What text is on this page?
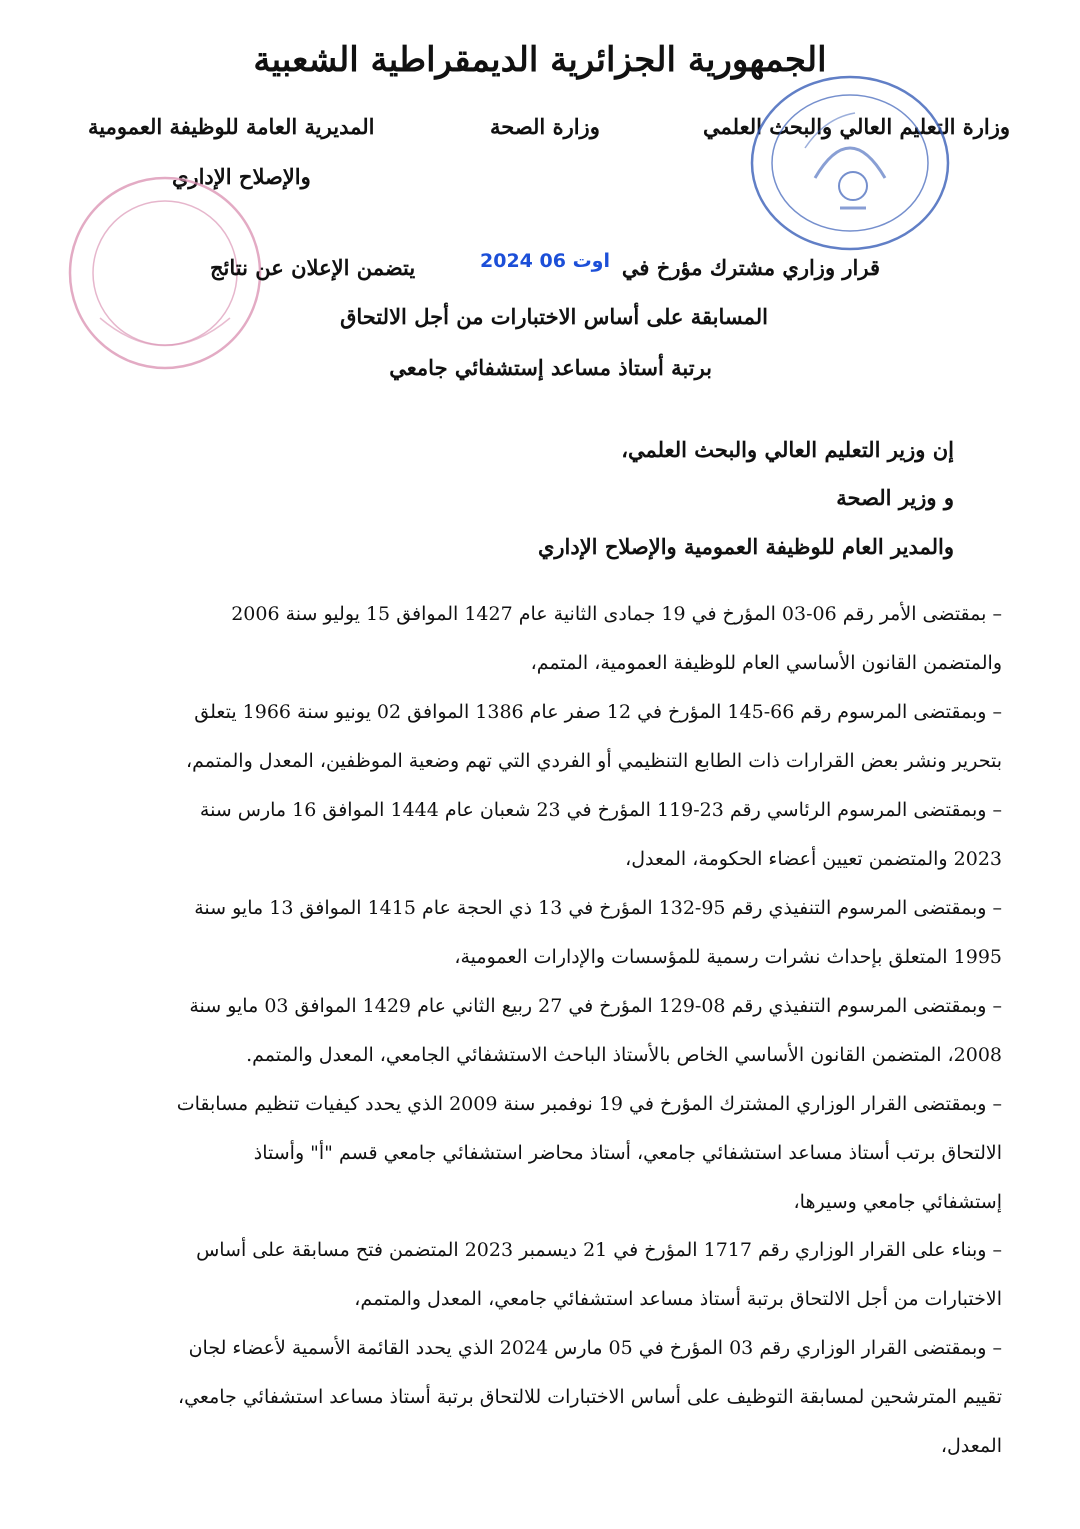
الجمهورية الجزائرية الديمقراطية الشعبية
وزارة التعليم العالي والبحث العلمي
وزارة الصحة
المديرية العامة للوظيفة العمومية
والإصلاح الإداري
قرار وزاري مشترك مؤرخ في
2024 اوت 06
يتضمن الإعلان عن نتائج
المسابقة على أساس الاختبارات من أجل الالتحاق
برتبة أستاذ مساعد إستشفائي جامعي
إن وزير التعليم العالي والبحث العلمي،
و وزير الصحة
والمدير العام للوظيفة العمومية والإصلاح الإداري
– بمقتضى الأمر رقم 06-03 المؤرخ في 19 جمادى الثانية عام 1427 الموافق 15 يوليو سنة 2006
والمتضمن القانون الأساسي العام للوظيفة العمومية، المتمم،
– وبمقتضى المرسوم رقم 66-145 المؤرخ في 12 صفر عام 1386 الموافق 02 يونيو سنة 1966 يتعلق
بتحرير ونشر بعض القرارات ذات الطابع التنظيمي أو الفردي التي تهم وضعية الموظفين، المعدل والمتمم،
– وبمقتضى المرسوم الرئاسي رقم 23-119 المؤرخ في 23 شعبان عام 1444 الموافق 16 مارس سنة
2023 والمتضمن تعيين أعضاء الحكومة، المعدل،
– وبمقتضى المرسوم التنفيذي رقم 95-132 المؤرخ في 13 ذي الحجة عام 1415 الموافق 13 مايو سنة
1995 المتعلق بإحداث نشرات رسمية للمؤسسات والإدارات العمومية،
– وبمقتضى المرسوم التنفيذي رقم 08-129 المؤرخ في 27 ربيع الثاني عام 1429 الموافق 03 مايو سنة
2008، المتضمن القانون الأساسي الخاص بالأستاذ الباحث الاستشفائي الجامعي، المعدل والمتمم.
– وبمقتضى القرار الوزاري المشترك المؤرخ في 19 نوفمبر سنة 2009 الذي يحدد كيفيات تنظيم مسابقات
الالتحاق برتب أستاذ مساعد استشفائي جامعي، أستاذ محاضر استشفائي جامعي قسم "أ" وأستاذ
إستشفائي جامعي وسيرها،
– وبناء على القرار الوزاري رقم 1717 المؤرخ في 21 ديسمبر 2023 المتضمن فتح مسابقة على أساس
الاختبارات من أجل الالتحاق برتبة أستاذ مساعد استشفائي جامعي، المعدل والمتمم،
– وبمقتضى القرار الوزاري رقم 03 المؤرخ في 05 مارس 2024 الذي يحدد القائمة الأسمية لأعضاء لجان
تقييم المترشحين لمسابقة التوظيف على أساس الاختبارات للالتحاق برتبة أستاذ مساعد استشفائي جامعي،
المعدل،
